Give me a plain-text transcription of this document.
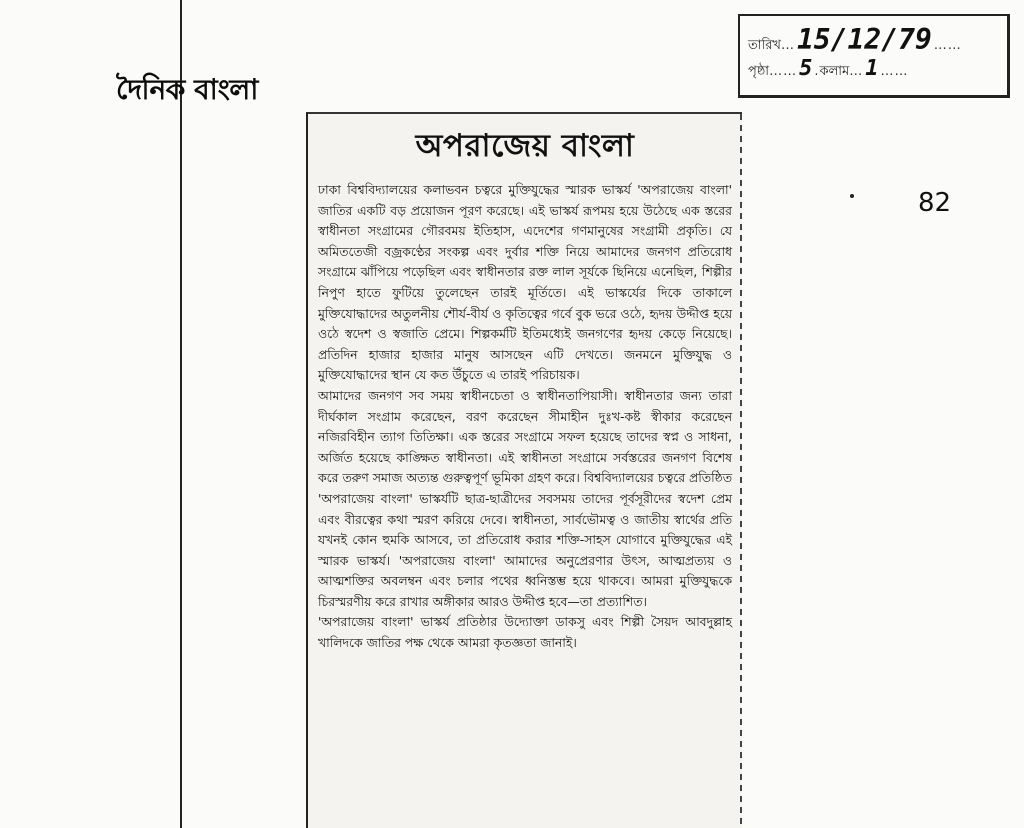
দৈনিক বাংলা
তারিখ … 15/12/79 ……
পৃষ্ঠা …… 5 . কলাম … 1 ……
82
অপরাজেয় বাংলা

ঢাকা বিশ্ববিদ্যালয়ের কলাভবন চত্বরে মুক্তিযুদ্ধের স্মারক ভাস্কর্য 'অপরাজেয় বাংলা' জাতির একটি বড় প্রয়োজন পূরণ করেছে। এই ভাস্কর্য রূপময় হয়ে উঠেছে এক স্তরের স্বাধীনতা সংগ্রামের গৌরবময় ইতিহাস, এদেশের গণমানুষের সংগ্রামী প্রকৃতি। যে অমিততেজী বজ্রকণ্ঠের সংকল্প এবং দুর্বার শক্তি নিয়ে আমাদের জনগণ প্রতিরোধ সংগ্রামে ঝাঁপিয়ে পড়েছিল এবং স্বাধীনতার রক্ত লাল সূর্যকে ছিনিয়ে এনেছিল, শিল্পীর নিপুণ হাতে ফুটিয়ে তুলেছেন তারই মূর্তিতে। এই ভাস্কর্যের দিকে তাকালে মুক্তিযোদ্ধাদের অতুলনীয় শৌর্য-বীর্য ও কৃতিত্বের গর্বে বুক ভরে ওঠে, হৃদয় উদ্দীপ্ত হয়ে ওঠে স্বদেশ ও স্বজাতি প্রেমে। শিল্পকর্মটি ইতিমধ্যেই জনগণের হৃদয় কেড়ে নিয়েছে। প্রতিদিন হাজার হাজার মানুষ আসছেন এটি দেখতে। জনমনে মুক্তিযুদ্ধ ও মুক্তিযোদ্ধাদের স্থান যে কত উঁচুতে এ তারই পরিচায়ক।

আমাদের জনগণ সব সময় স্বাধীনচেতা ও স্বাধীনতাপিয়াসী। স্বাধীনতার জন্য তারা দীর্ঘকাল সংগ্রাম করেছেন, বরণ করেছেন সীমাহীন দুঃখ-কষ্ট স্বীকার করেছেন নজিরবিহীন ত্যাগ তিতিক্ষা। এক স্তরের সংগ্রামে সফল হয়েছে তাদের স্বপ্ন ও সাধনা, অর্জিত হয়েছে কাঙ্ক্ষিত স্বাধীনতা। এই স্বাধীনতা সংগ্রামে সর্বস্তরের জনগণ বিশেষ করে তরুণ সমাজ অত্যন্ত গুরুত্বপূর্ণ ভূমিকা গ্রহণ করে। বিশ্ববিদ্যালয়ের চত্বরে প্রতিষ্ঠিত 'অপরাজেয় বাংলা' ভাস্কর্যটি ছাত্র-ছাত্রীদের সবসময় তাদের পূর্বসূরীদের স্বদেশ প্রেম এবং বীরত্বের কথা স্মরণ করিয়ে দেবে। স্বাধীনতা, সার্বভৌমত্ব ও জাতীয় স্বার্থের প্রতি যখনই কোন হুমকি আসবে, তা প্রতিরোধ করার শক্তি-সাহস যোগাবে মুক্তিযুদ্ধের এই স্মারক ভাস্কর্য। 'অপরাজেয় বাংলা' আমাদের অনুপ্রেরণার উৎস, আত্মপ্রত্যয় ও আত্মশক্তির অবলম্বন এবং চলার পথের ধ্বনিস্তম্ভ হয়ে থাকবে। আমরা মুক্তিযুদ্ধকে চিরস্মরণীয় করে রাখার অঙ্গীকার আরও উদ্দীপ্ত হবে—তা প্রত্যাশিত।

'অপরাজেয় বাংলা' ভাস্কর্য প্রতিষ্ঠার উদ্যোক্তা ডাকসু এবং শিল্পী সৈয়দ আবদুল্লাহ খালিদকে জাতির পক্ষ থেকে আমরা কৃতজ্ঞতা জানাই।
